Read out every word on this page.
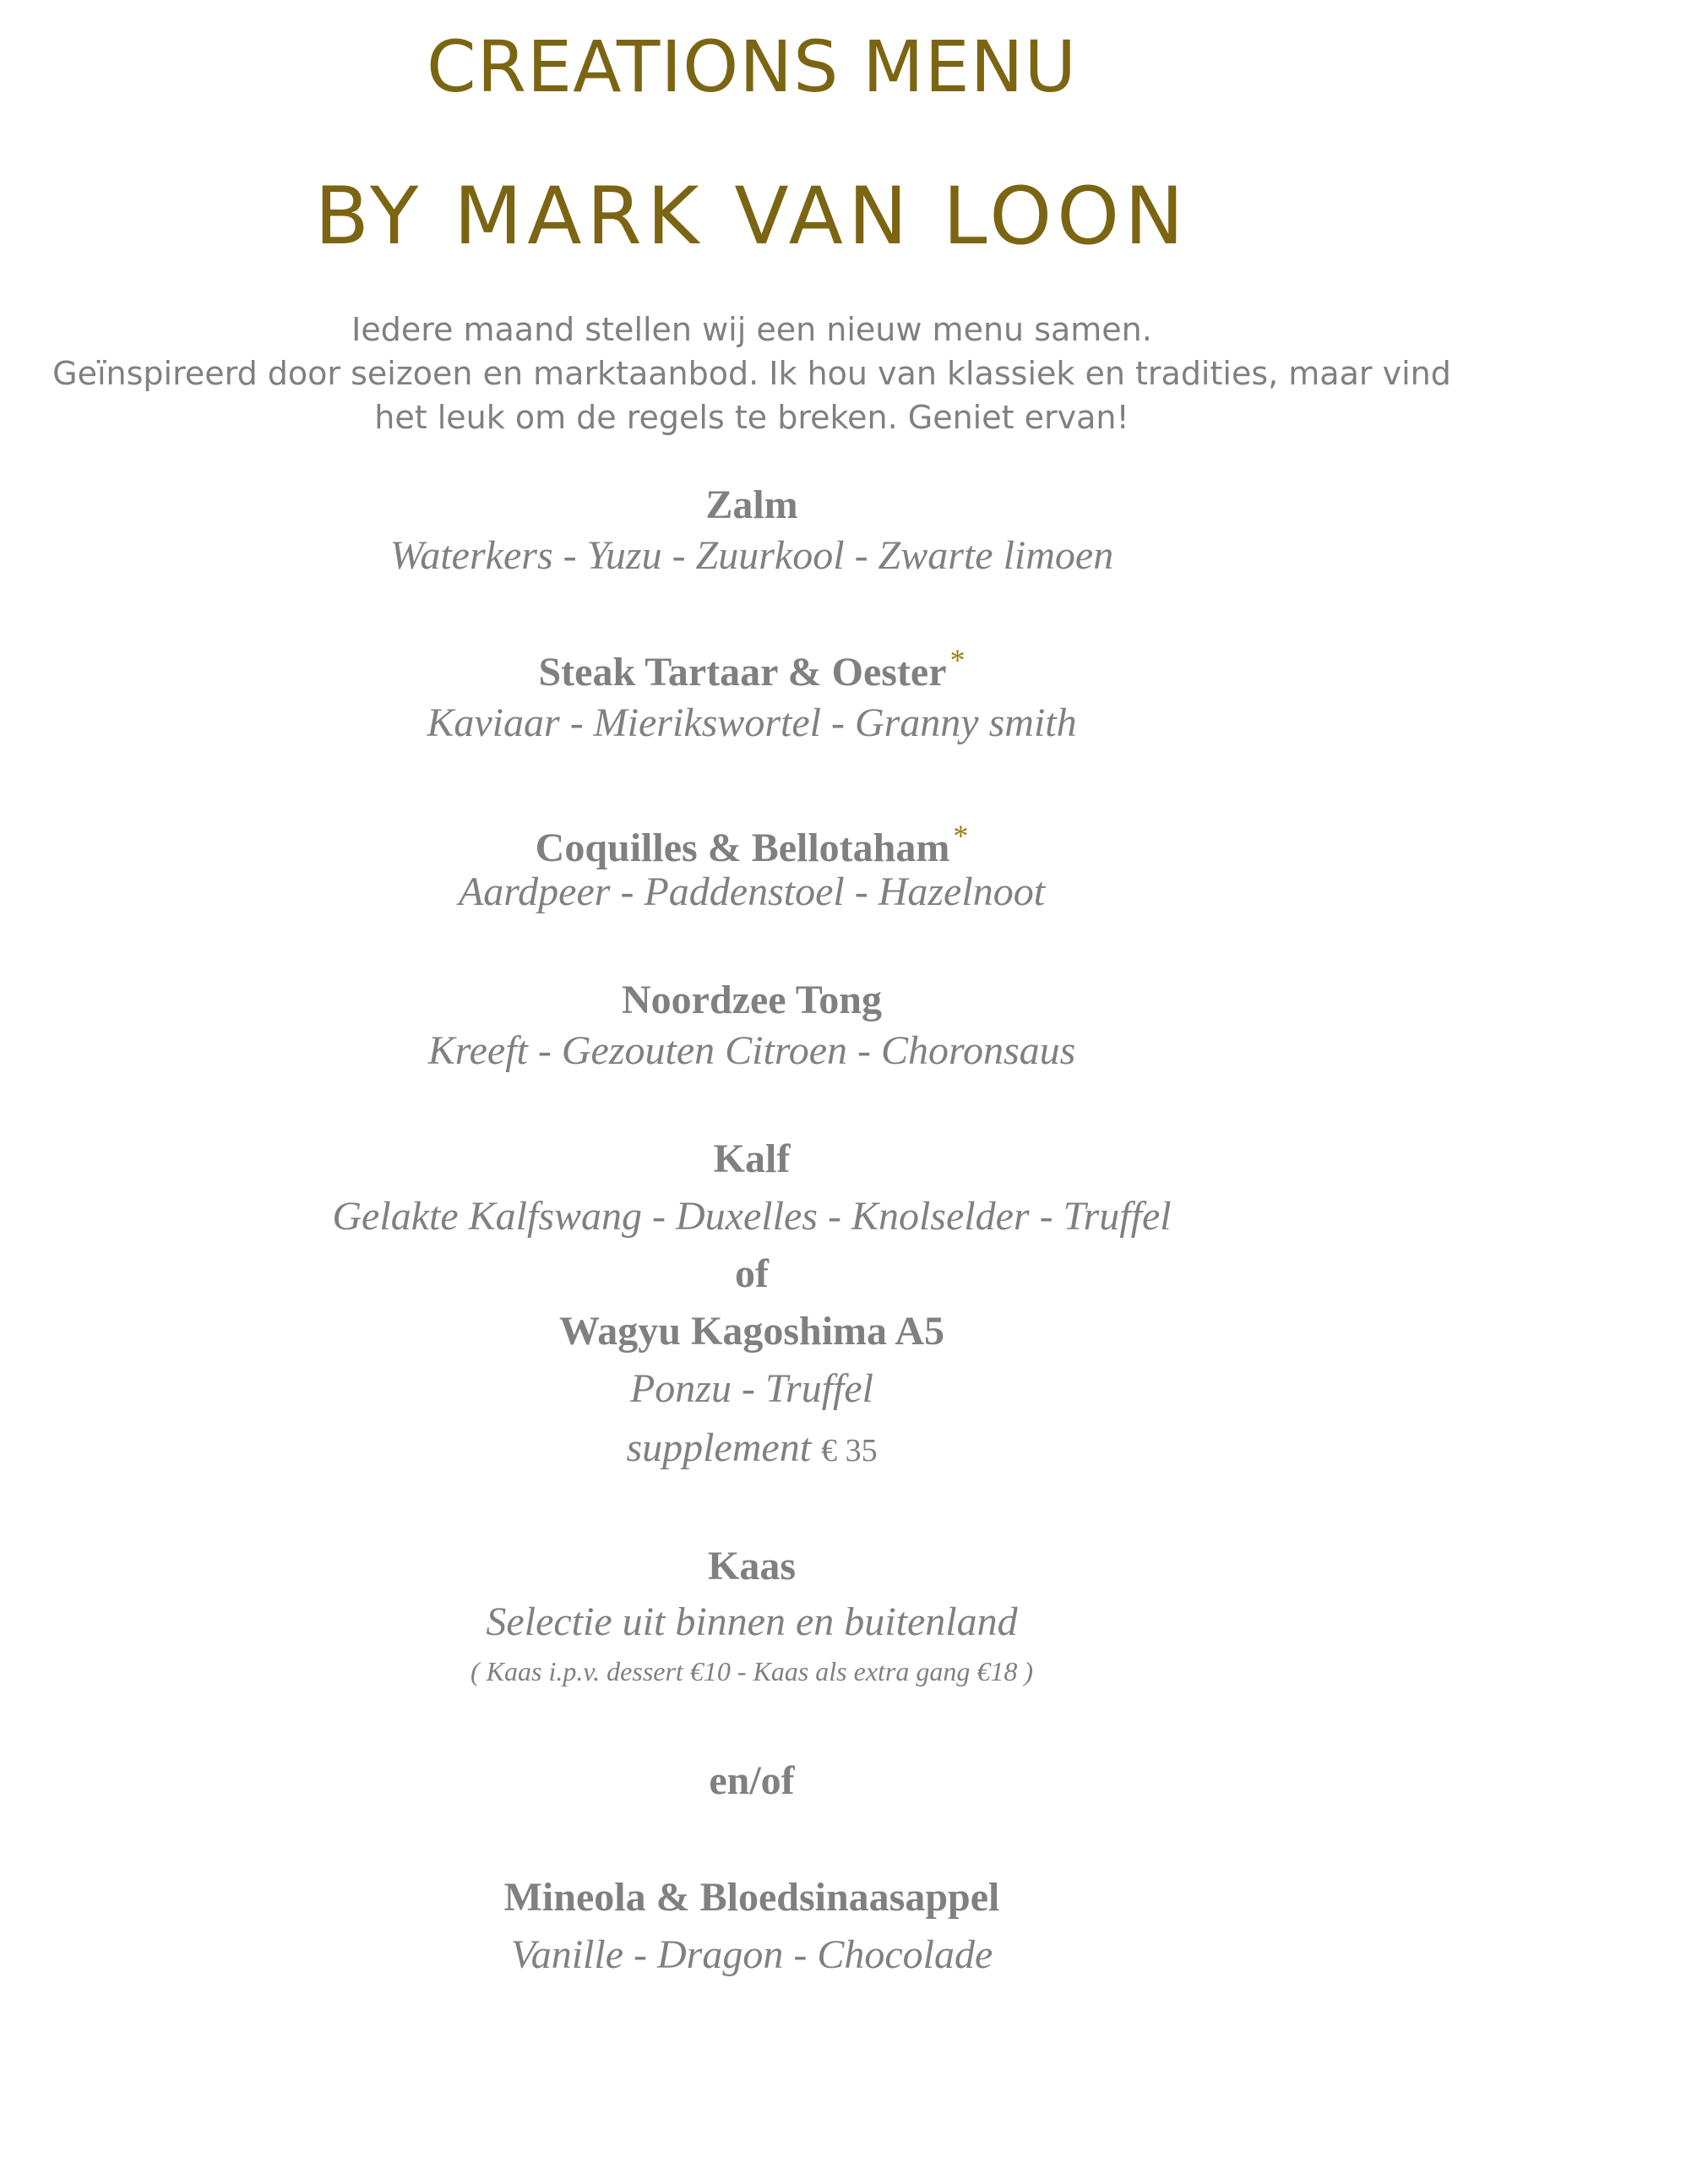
CREATIONS MENU
BY MARK VAN LOON
Iedere maand stellen wij een nieuw menu samen.
Geïnspireerd door seizoen en marktaanbod. Ik hou van klassiek en tradities, maar vind
het leuk om de regels te breken. Geniet ervan!
Zalm
Waterkers - Yuzu - Zuurkool - Zwarte limoen
Steak Tartaar & Oester *
Kaviaar - Mierikswortel - Granny smith
Coquilles & Bellotaham *
Aardpeer - Paddenstoel - Hazelnoot
Noordzee Tong
Kreeft - Gezouten Citroen - Choronsaus
Kalf
Gelakte Kalfswang - Duxelles - Knolselder - Truffel
of
Wagyu Kagoshima A5
Ponzu - Truffel
supplement € 35
Kaas
Selectie uit binnen en buitenland
( Kaas i.p.v. dessert €10 - Kaas als extra gang €18 )
en/of
Mineola & Bloedsinaasappel
Vanille - Dragon - Chocolade
